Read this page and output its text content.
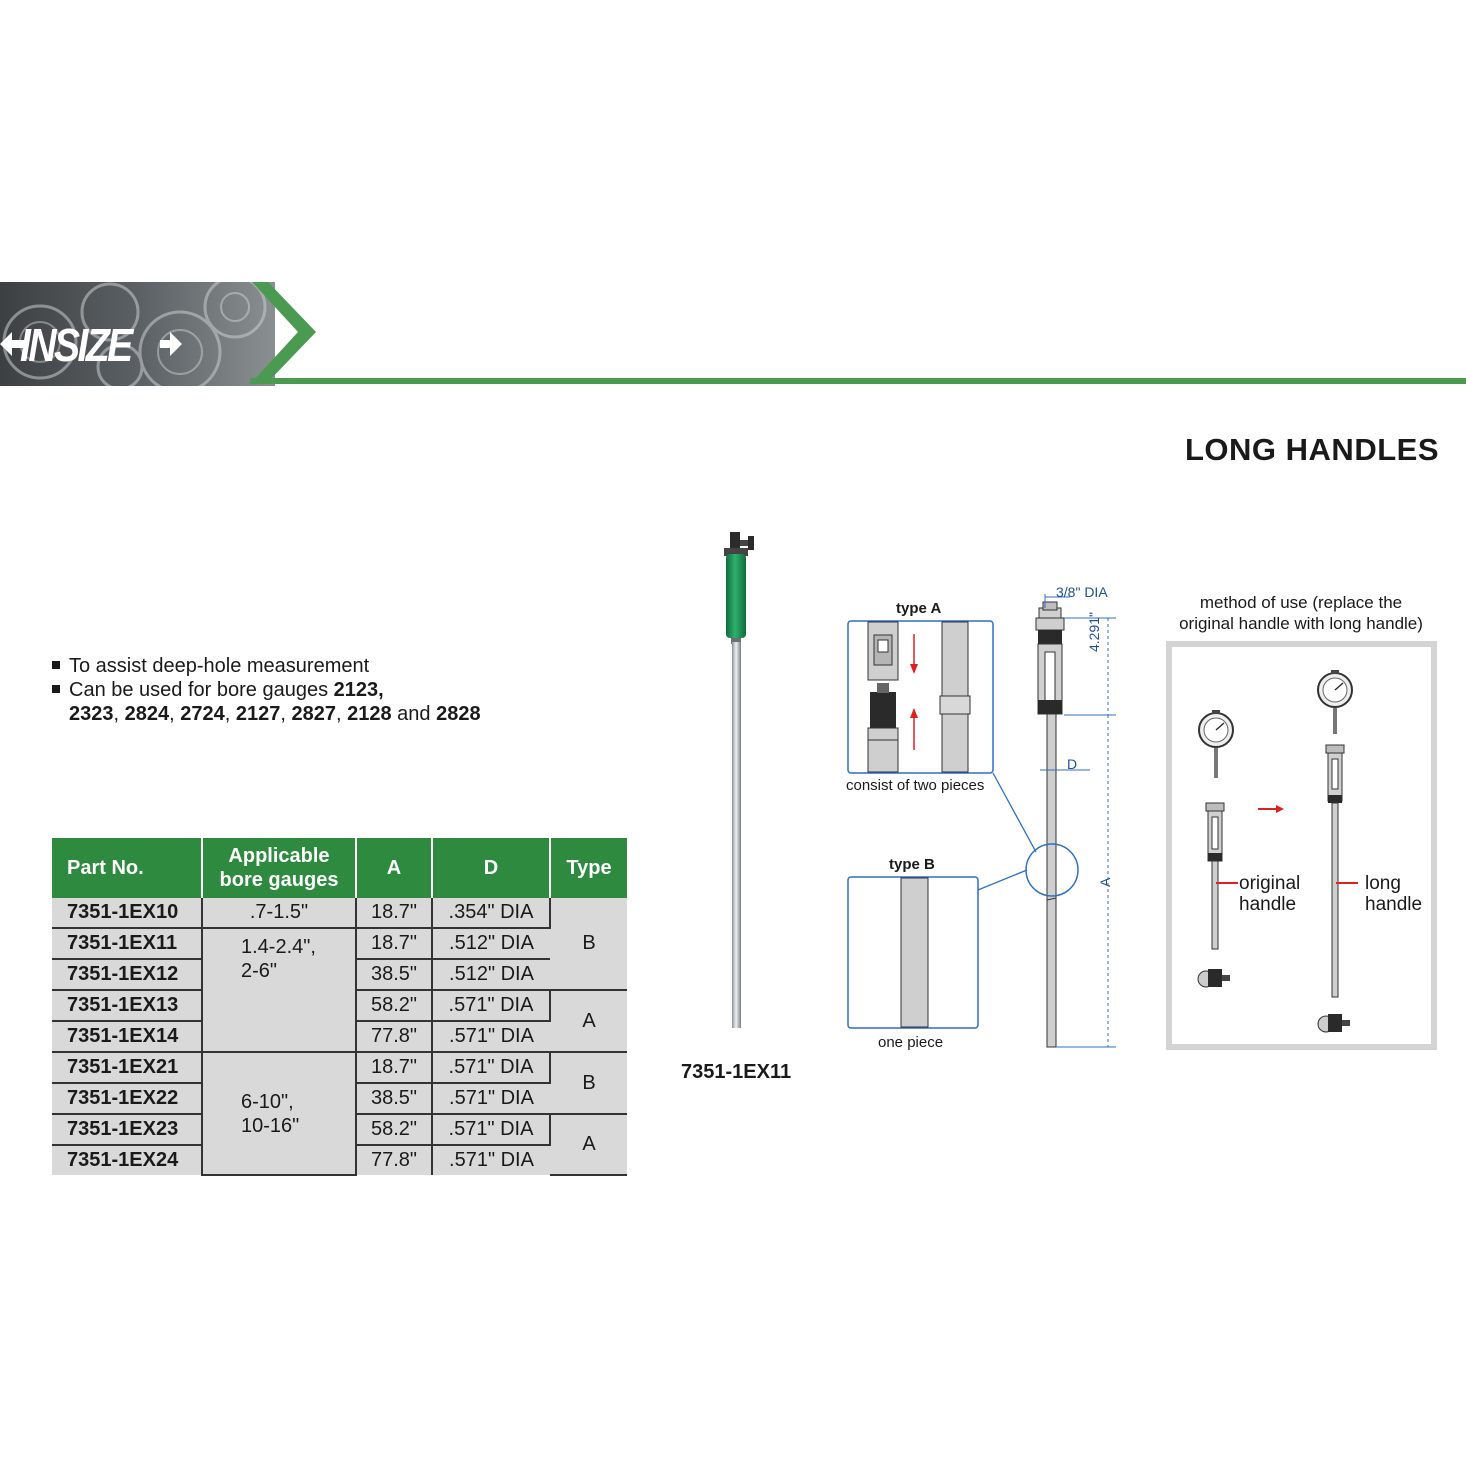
INSIZE
LONG HANDLES
To assist deep-hole measurement
Can be used for bore gauges 2123,
2323, 2824, 2724, 2127, 2827, 2128 and 2828
Part No.	Applicable
bore gauges	A	D	Type
7351-1EX10	.7-1.5"	18.7"	.354" DIA	B
7351-1EX11	1.4-2.4",
2-6"	18.7"	.512" DIA	
7351-1EX12		38.5"	.512" DIA	
7351-1EX13		58.2"	.571" DIA	A
7351-1EX14		77.8"	.571" DIA	
7351-1EX21	6-10",
10-16"	18.7"	.571" DIA	B
7351-1EX22		38.5"	.571" DIA	
7351-1EX23		58.2"	.571" DIA	A
7351-1EX24		77.8"	.571" DIA	
7351-1EX11
type A
consist of two pieces
type B
one piece
3/8" DIA
4.291"
D
A
method of use (replace the
original handle with long handle)
original
handle
long
handle
